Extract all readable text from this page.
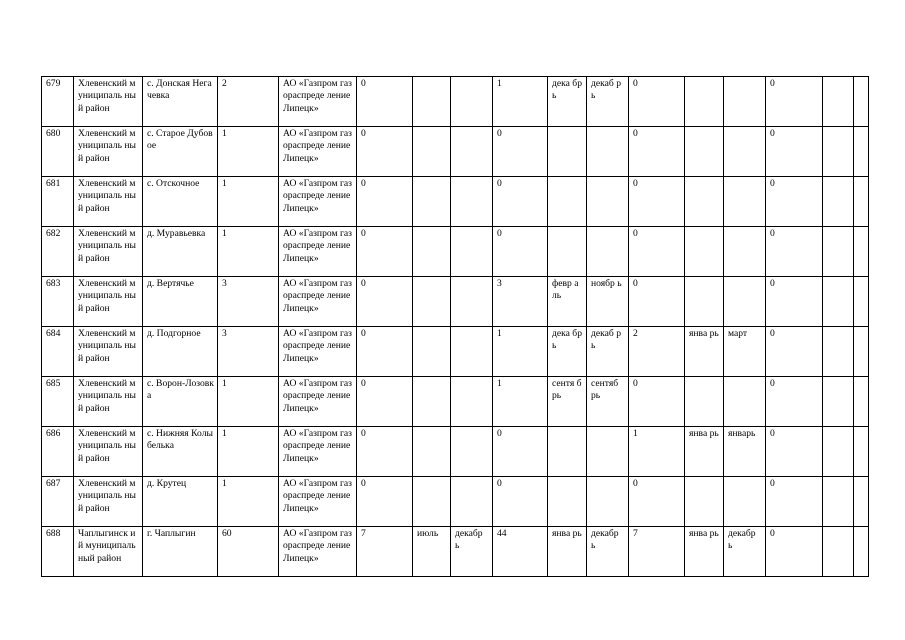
679	Хлевенский муниципаль ный район	с. Донская Негачевка	2	АО «Газпром газораспреде ление Липецк»	0			1	дека брь	декаб рь	0			0		
680	Хлевенский муниципаль ный район	с. Старое Дубовое	1	АО «Газпром газораспреде ление Липецк»	0			0			0			0		
681	Хлевенский муниципаль ный район	с. Отскочное	1	АО «Газпром газораспреде ление Липецк»	0			0			0			0		
682	Хлевенский муниципаль ный район	д. Муравьевка	1	АО «Газпром газораспреде ление Липецк»	0			0			0			0		
683	Хлевенский муниципаль ный район	д. Вертячье	3	АО «Газпром газораспреде ление Липецк»	0			3	февр аль	ноябр ь	0			0		
684	Хлевенский муниципаль ный район	д. Подгорное	3	АО «Газпром газораспреде ление Липецк»	0			1	дека брь	декаб рь	2	янва рь	март	0		
685	Хлевенский муниципаль ный район	с. Ворон-Лозовка	1	АО «Газпром газораспреде ление Липецк»	0			1	сентя брь	сентяб рь	0			0		
686	Хлевенский муниципаль ный район	с. Нижняя Колыбелька	1	АО «Газпром газораспреде ление Липецк»	0			0			1	янва рь	январь	0		
687	Хлевенский муниципаль ный район	д. Крутец	1	АО «Газпром газораспреде ление Липецк»	0			0			0			0		
688	Чаплыгинск ий муниципаль ный район	г. Чаплыгин	60	АО «Газпром газораспреде ление Липецк»	7	июль	декабр ь	44	янва рь	декабр ь	7	янва рь	декабр ь	0		
